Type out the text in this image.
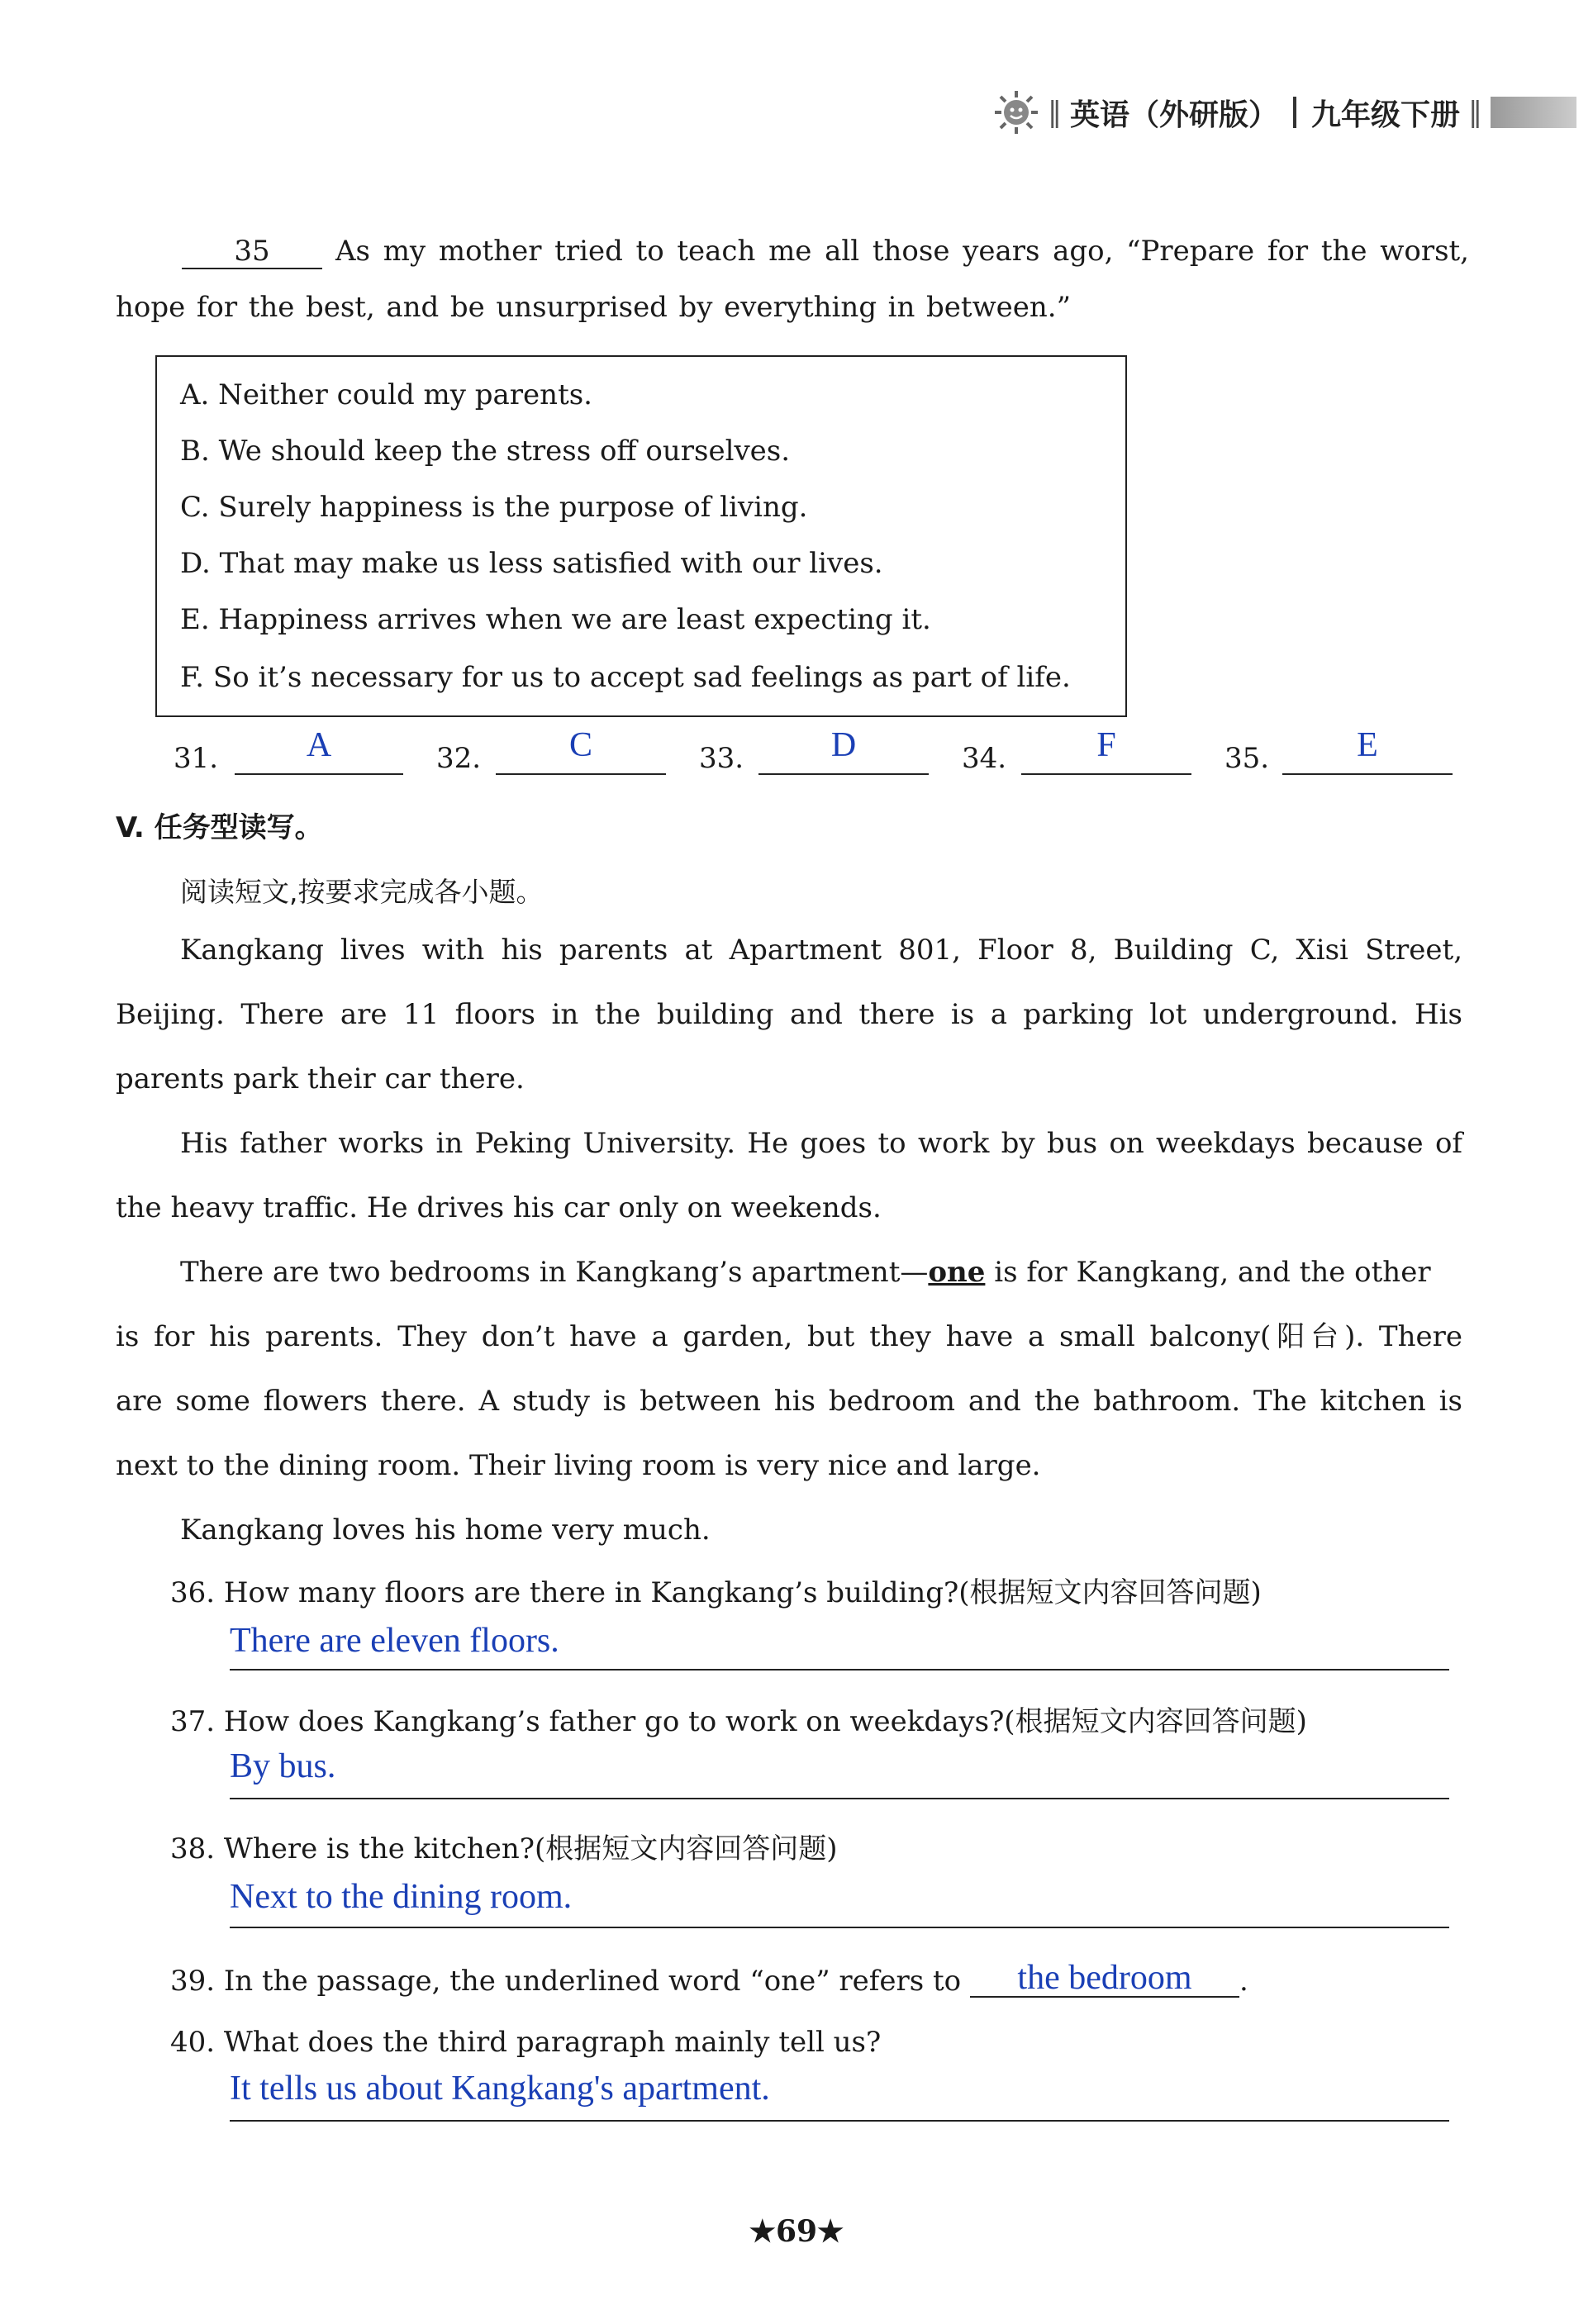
‖ 英语（外研版） 九年级下册 ‖
35	As my mother tried to teach me all those years ago, “Prepare for the worst,
hope for the best, and be unsurprised by everything in between.”
A. Neither could my parents.
B. We should keep the stress off ourselves.
C. Surely happiness is the purpose of living.
D. That may make us less satisfied with our lives.
E. Happiness arrives when we are least expecting it.
F. So it’s necessary for us to accept sad feelings as part of life.
31.	A	32.	C	33.	D	34.	F	35.	E
V. 任务型读写。
阅读短文,按要求完成各小题。
Kangkang lives with his parents at Apartment 801, Floor 8, Building C, Xisi Street,
Beijing. There are 11 floors in the building and there is a parking lot underground. His
parents park their car there.
His father works in Peking University. He goes to work by bus on weekdays because of
the heavy traffic. He drives his car only on weekends.
There are two bedrooms in Kangkang’s apartment—one is for Kangkang, and the other
is for his parents. They don’t have a garden, but they have a small balcony(阳台). There
are some flowers there. A study is between his bedroom and the bathroom. The kitchen is
next to the dining room. Their living room is very nice and large.
Kangkang loves his home very much.
36. How many floors are there in Kangkang’s building?(根据短文内容回答问题)
There are eleven floors.
37. How does Kangkang’s father go to work on weekdays?(根据短文内容回答问题)
By bus.
38. Where is the kitchen?(根据短文内容回答问题)
Next to the dining room.
39. In the passage, the underlined word “one” refers to the bedroom .
40. What does the third paragraph mainly tell us?
It tells us about Kangkang's apartment.
★69★
